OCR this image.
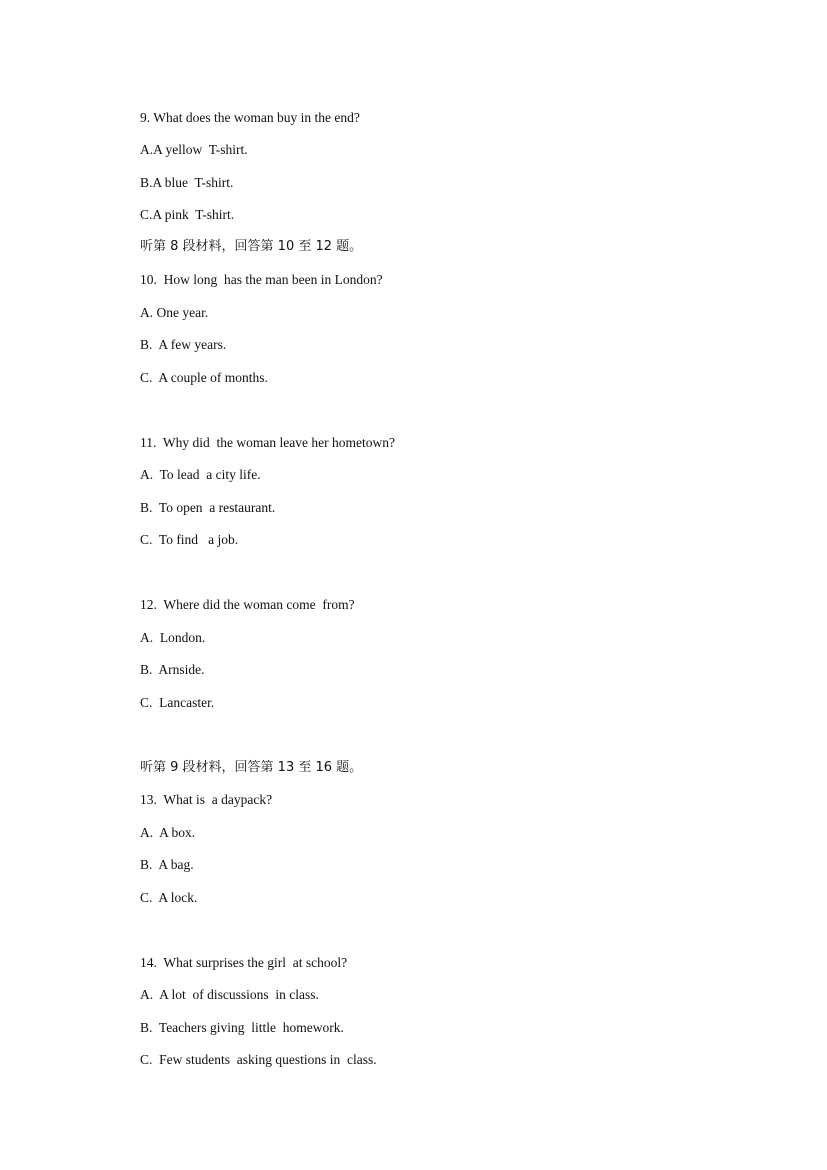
9. What does the woman buy in the end?
A.A yellow  T-shirt.
B.A blue  T-shirt.
C.A pink  T-shirt.
听第 8 段材料，回答第 10 至 12 题。
10.  How long  has the man been in London?
A. One year.
B.  A few years.
C.  A couple of months.
11.  Why did  the woman leave her hometown?
A.  To lead  a city life.
B.  To open  a restaurant.
C.  To find   a job.
12.  Where did the woman come  from?
A.  London.
B.  Arnside.
C.  Lancaster.
听第 9 段材料，回答第 13 至 16 题。
13.  What is  a daypack?
A.  A box.
B.  A bag.
C.  A lock.
14.  What surprises the girl  at school?
A.  A lot  of discussions  in class.
B.  Teachers giving  little  homework.
C.  Few students  asking questions in  class.
